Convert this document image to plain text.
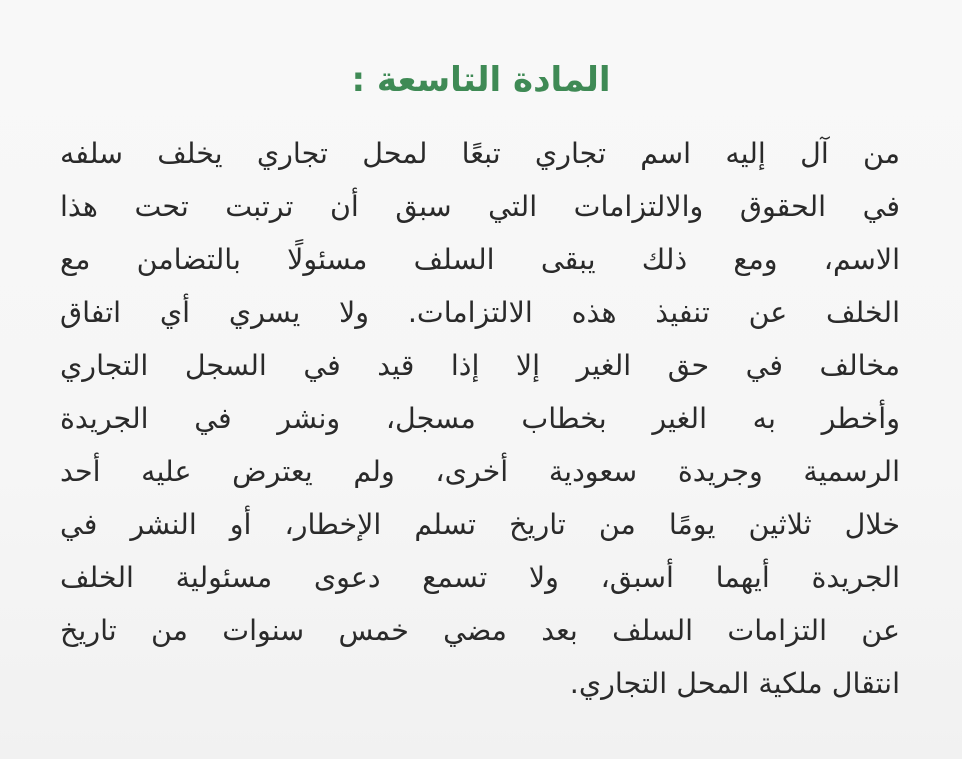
المادة التاسعة :
من آل إليه اسم تجاري تبعًا لمحل تجاري يخلف سلفه
في الحقوق والالتزامات التي سبق أن ترتبت تحت هذا
الاسم، ومع ذلك يبقى السلف مسئولًا بالتضامن مع
الخلف عن تنفيذ هذه الالتزامات. ولا يسري أي اتفاق
مخالف في حق الغير إلا إذا قيد في السجل التجاري
وأخطر به الغير بخطاب مسجل، ونشر في الجريدة
الرسمية وجريدة سعودية أخرى، ولم يعترض عليه أحد
خلال ثلاثين يومًا من تاريخ تسلم الإخطار، أو النشر في
الجريدة أيهما أسبق، ولا تسمع دعوى مسئولية الخلف
عن التزامات السلف بعد مضي خمس سنوات من تاريخ
انتقال ملكية المحل التجاري.
